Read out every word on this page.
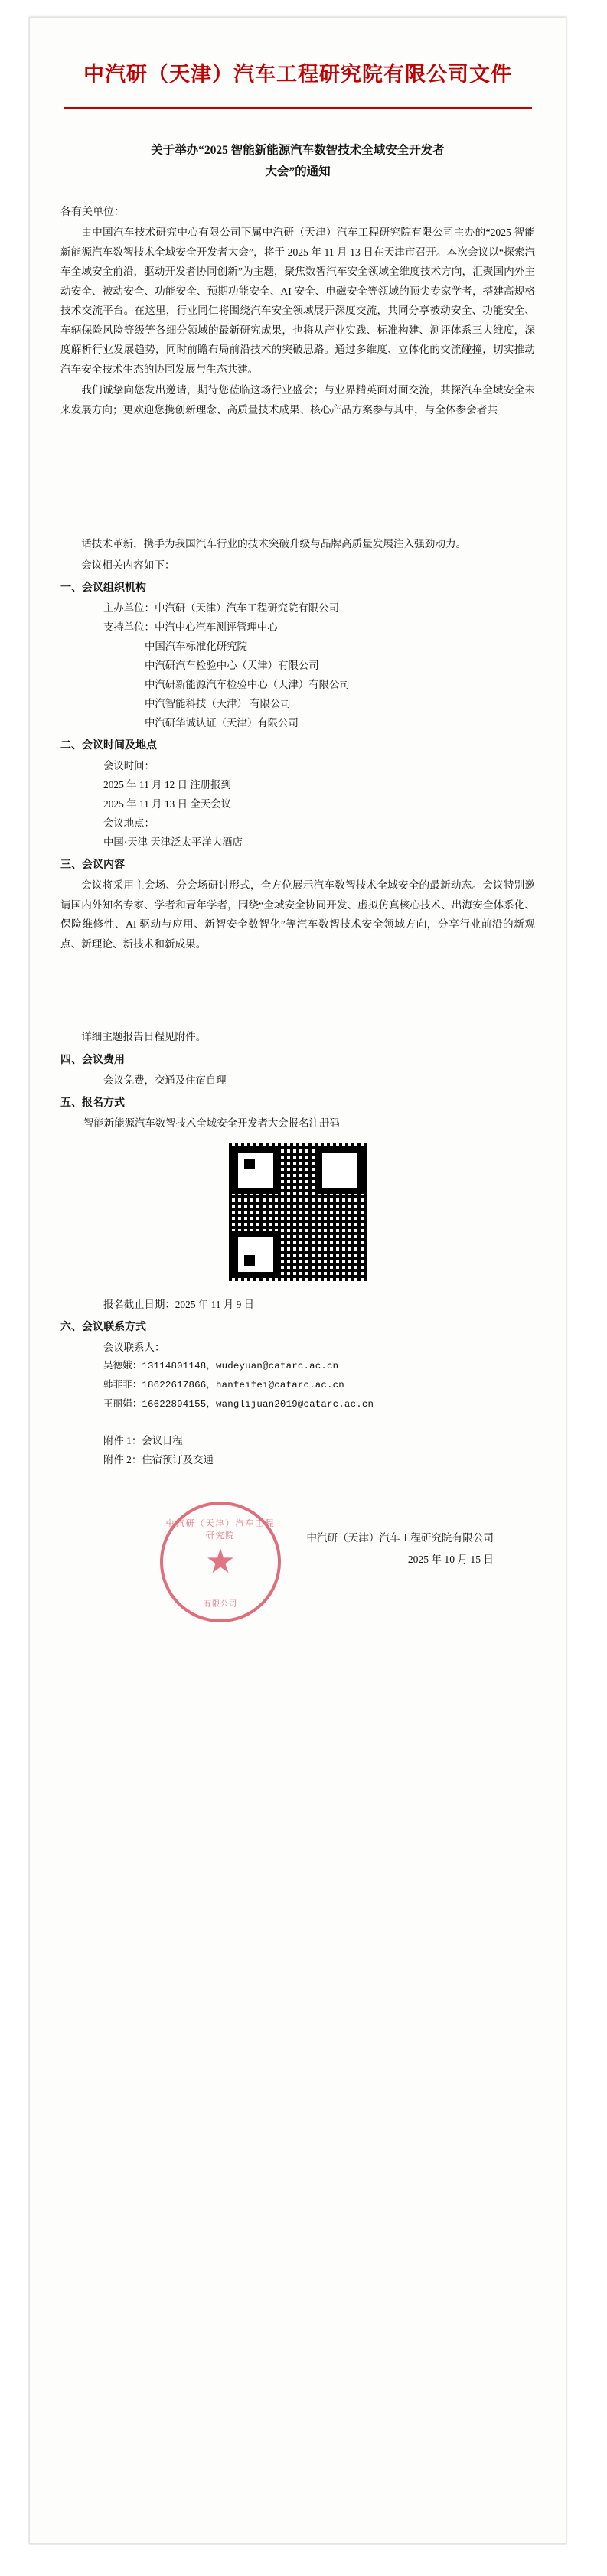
中汽研（天津）汽车工程研究院有限公司文件
关于举办“2025 智能新能源汽车数智技术全域安全开发者
大会”的通知
各有关单位：

由中国汽车技术研究中心有限公司下属中汽研（天津）汽车工程研究院有限公司主办的“2025 智能新能源汽车数智技术全域安全开发者大会”，将于 2025 年 11 月 13 日在天津市召开。本次会议以“探索汽车全域安全前沿，驱动开发者协同创新”为主题，聚焦数智汽车安全领域全维度技术方向，汇聚国内外主动安全、被动安全、功能安全、预期功能安全、AI 安全、电磁安全等领域的顶尖专家学者，搭建高规格技术交流平台。在这里，行业同仁将围绕汽车安全领域展开深度交流，共同分享被动安全、功能安全、车辆保险风险等级等各细分领域的最新研究成果，也将从产业实践、标准构建、测评体系三大维度，深度解析行业发展趋势，同时前瞻布局前沿技术的突破思路。通过多维度、立体化的交流碰撞，切实推动汽车安全技术生态的协同发展与生态共建。

我们诚挚向您发出邀请，期待您莅临这场行业盛会；与业界精英面对面交流，共探汽车全域安全未来发展方向；更欢迎您携创新理念、高质量技术成果、核心产品方案参与其中，与全体参会者共

话技术革新，携手为我国汽车行业的技术突破升级与品牌高质量发展注入强劲动力。

会议相关内容如下：

一、会议组织机构
主办单位：中汽研（天津）汽车工程研究院有限公司
支持单位：中汽中心汽车测评管理中心
中国汽车标准化研究院
中汽研汽车检验中心（天津）有限公司
中汽研新能源汽车检验中心（天津）有限公司
中汽智能科技（天津） 有限公司
中汽研华诚认证（天津）有限公司
二、会议时间及地点
会议时间：
2025 年 11 月 12 日 注册报到
2025 年 11 月 13 日 全天会议
会议地点：
中国·天津 天津泛太平洋大酒店
三、会议内容

会议将采用主会场、分会场研讨形式，全方位展示汽车数智技术全域安全的最新动态。会议特别邀请国内外知名专家、学者和青年学者，围绕“全域安全协同开发、虚拟仿真核心技术、出海安全体系化、保险维修性、AI 驱动与应用、新智安全数智化”等汽车数智技术安全领域方向，分享行业前沿的新观点、新理论、新技术和新成果。

详细主题报告日程见附件。

四、会议费用
会议免费，交通及住宿自理
五、报名方式
智能新能源汽车数智技术全域安全开发者大会报名注册码
报名截止日期：2025 年 11 月 9 日
六、会议联系方式
会议联系人：
吴德娥：13114801148，wudeyuan@catarc.ac.cn
韩菲菲：18622617866，hanfeifei@catarc.ac.cn
王丽娟：16622894155，wanglijuan2019@catarc.ac.cn
附件 1：会议日程
附件 2：住宿预订及交通
中汽研（天津）汽车工程研究院
★
有限公司
中汽研（天津）汽车工程研究院有限公司
2025 年 10 月 15 日
